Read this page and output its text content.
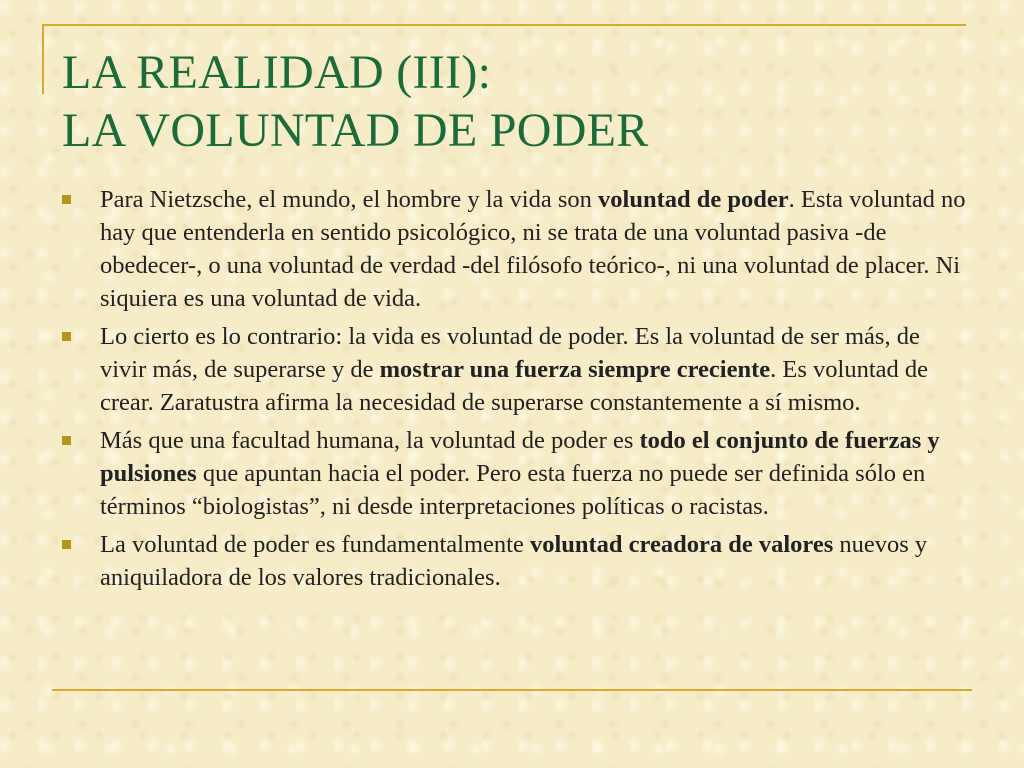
LA REALIDAD (III):
LA VOLUNTAD DE PODER
Para Nietzsche, el mundo, el hombre y la vida son voluntad de poder. Esta voluntad no hay que entenderla en sentido psicológico, ni se trata de una voluntad pasiva -de obedecer-, o una voluntad de verdad -del filósofo teórico-, ni una voluntad de placer. Ni siquiera es una voluntad de vida.
Lo cierto es lo contrario: la vida es voluntad de poder. Es la voluntad de ser más, de vivir más, de superarse y de mostrar una fuerza siempre creciente. Es voluntad de crear. Zaratustra afirma la necesidad de superarse constantemente a sí mismo.
Más que una facultad humana, la voluntad de poder es todo el conjunto de fuerzas y pulsiones que apuntan hacia el poder. Pero esta fuerza no puede ser definida sólo en términos “biologistas”, ni desde interpretaciones políticas o racistas.
La voluntad de poder es fundamentalmente voluntad creadora de valores nuevos y aniquiladora de los valores tradicionales.
